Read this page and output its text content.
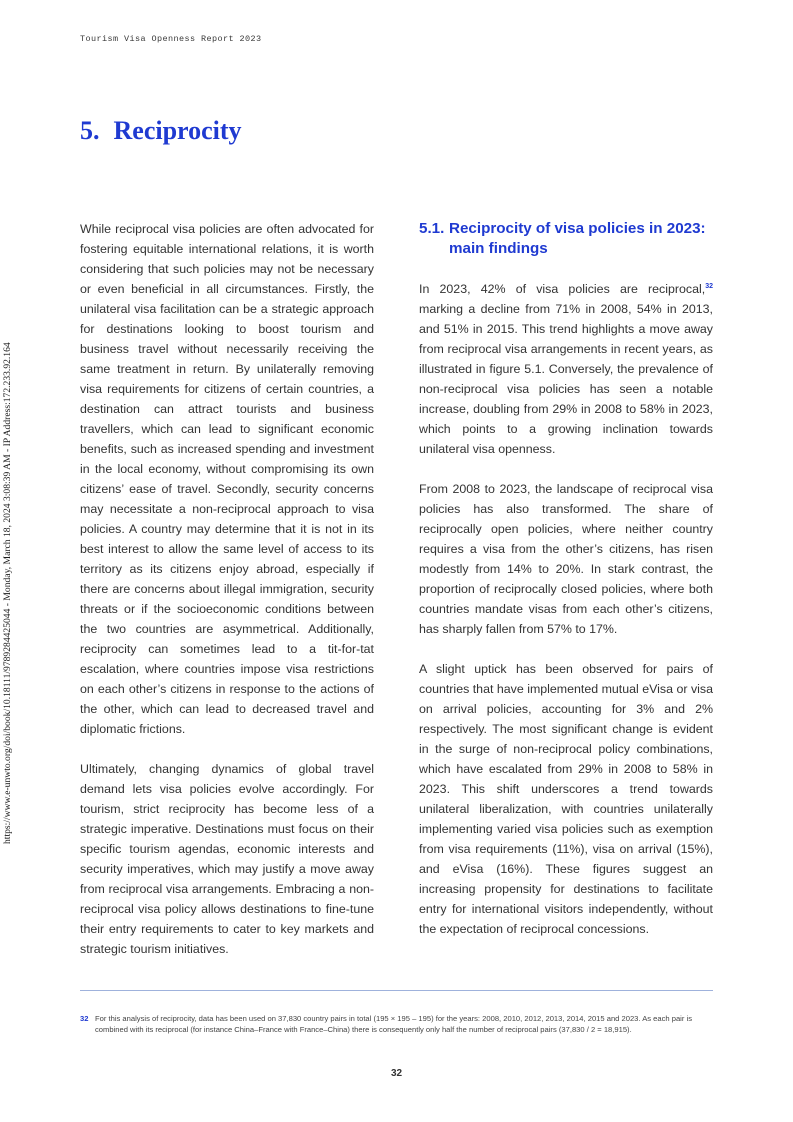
Tourism Visa Openness Report 2023
https://www.e-unwto.org/doi/book/10.18111/9789284425044 - Monday, March 18, 2024 3:08:39 AM - IP Address:172.233.92.164
5. Reciprocity

While reciprocal visa policies are often advocated for fostering equitable international relations, it is worth considering that such policies may not be necessary or even beneficial in all circumstances. Firstly, the unilateral visa facilitation can be a strategic approach for destinations looking to boost tourism and business travel without necessarily receiving the same treatment in return. By unilaterally removing visa requirements for citizens of certain countries, a destination can attract tourists and business travellers, which can lead to significant economic benefits, such as increased spending and investment in the local economy, without compromising its own citizens’ ease of travel. Secondly, security concerns may necessitate a non-reciprocal approach to visa policies. A country may determine that it is not in its best interest to allow the same level of access to its territory as its citizens enjoy abroad, especially if there are concerns about illegal immigration, security threats or if the socioeconomic conditions between the two countries are asymmetrical. Additionally, reciprocity can sometimes lead to a tit-for-tat escalation, where countries impose visa restrictions on each other’s citizens in response to the actions of the other, which can lead to decreased travel and diplomatic frictions.

Ultimately, changing dynamics of global travel demand lets visa policies evolve accordingly. For tourism, strict reciprocity has become less of a strategic imperative. Destinations must focus on their specific tourism agendas, economic interests and security imperatives, which may justify a move away from reciprocal visa arrangements. Embracing a non-reciprocal visa policy allows destinations to fine-tune their entry requirements to cater to key markets and strategic tourism initiatives.

5.1. Reciprocity of visa policies in 2023: main findings

In 2023, 42% of visa policies are reciprocal,$^{32}$ marking a decline from 71% in 2008, 54% in 2013, and 51% in 2015. This trend highlights a move away from reciprocal visa arrangements in recent years, as illustrated in figure 5.1. Conversely, the prevalence of non-reciprocal visa policies has seen a notable increase, doubling from 29% in 2008 to 58% in 2023, which points to a growing inclination towards unilateral visa openness.

From 2008 to 2023, the landscape of reciprocal visa policies has also transformed. The share of reciprocally open policies, where neither country requires a visa from the other’s citizens, has risen modestly from 14% to 20%. In stark contrast, the proportion of reciprocally closed policies, where both countries mandate visas from each other’s citizens, has sharply fallen from 57% to 17%.

A slight uptick has been observed for pairs of countries that have implemented mutual eVisa or visa on arrival policies, accounting for 3% and 2% respectively. The most significant change is evident in the surge of non-reciprocal policy combinations, which have escalated from 29% in 2008 to 58% in 2023. This shift underscores a trend towards unilateral liberalization, with countries unilaterally implementing varied visa policies such as exemption from visa requirements (11%), visa on arrival (15%), and eVisa (16%). These figures suggest an increasing propensity for destinations to facilitate entry for international visitors independently, without the expectation of reciprocal concessions.

32 For this analysis of reciprocity, data has been used on 37,830 country pairs in total (195 × 195 – 195) for the years: 2008, 2010, 2012, 2013, 2014, 2015 and 2023. As each pair is combined with its reciprocal (for instance China–France with France–China) there is consequently only half the number of reciprocal pairs (37,830 / 2 = 18,915).
32
